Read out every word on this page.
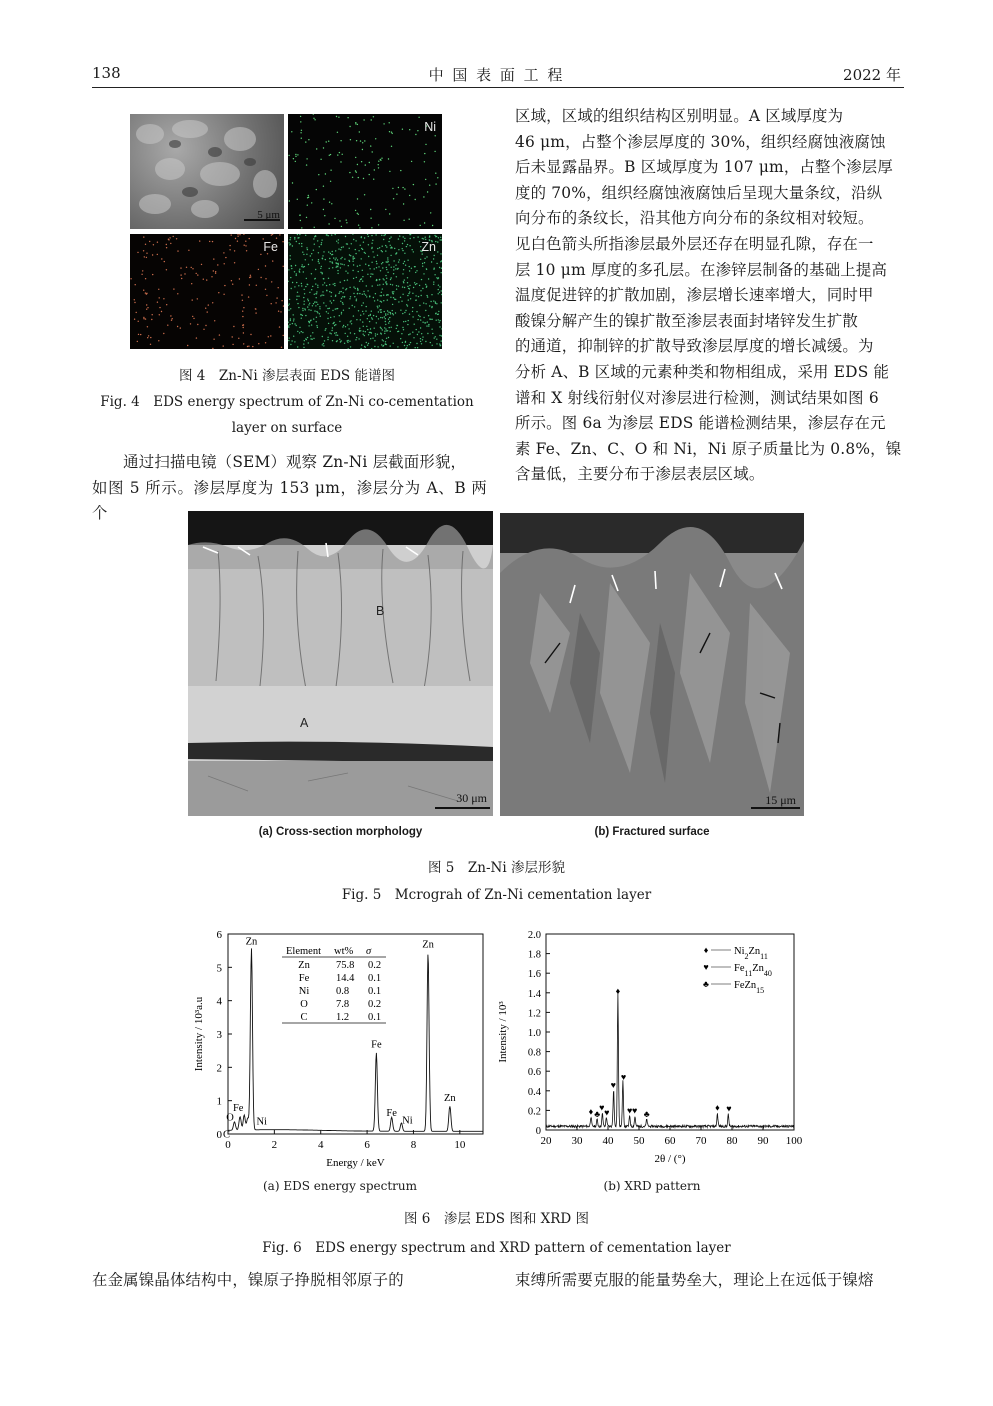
138	中 国 表 面 工 程	2022 年
5 μm
Ni
Fe	Zn
图 4　Zn-Ni 渗层表面 EDS 能谱图
Fig. 4　EDS energy spectrum of Zn-Ni co-cementation
layer on surface
　　通过扫描电镜（SEM）观察 Zn-Ni 层截面形貌，
如图 5 所示。渗层厚度为 153 μm，渗层分为 A、B 两个
区域，区域的组织结构区别明显。A 区域厚度为
46 μm，占整个渗层厚度的 30%，组织经腐蚀液腐蚀
后未显露晶界。B 区域厚度为 107 μm，占整个渗层厚
度的 70%，组织经腐蚀液腐蚀后呈现大量条纹，沿纵
向分布的条纹长，沿其他方向分布的条纹相对较短。
见白色箭头所指渗层最外层还存在明显孔隙，存在一
层 10 μm 厚度的多孔层。在渗锌层制备的基础上提高
温度促进锌的扩散加剧，渗层增长速率增大，同时甲
酸镍分解产生的镍扩散至渗层表面封堵锌发生扩散
的通道，抑制锌的扩散导致渗层厚度的增长减缓。为
分析 A、B 区域的元素种类和物相组成，采用 EDS 能
谱和 X 射线衍射仪对渗层进行检测，测试结果如图 6
所示。图 6a 为渗层 EDS 能谱检测结果，渗层存在元
素 Fe、Zn、C、O 和 Ni，Ni 原子质量比为 0.8%，镍
含量低，主要分布于渗层表层区域。
B
A
30 μm	15 μm
(a) Cross-section morphology	(b) Fractured surface
图 5　Zn-Ni 渗层形貌
Fig. 5　Mcrograh of Zn-Ni cementation layer
0	2	4	6	8	10
0
1
2
3
4
5
6
C
O
Fe
Ni
Zn
Fe
Fe
Ni
Zn
Zn
Energy / keV
Intensity / 10³a.u
Element wt% σ
Zn 75.8 0.2
Fe	14.4 0.1
Ni	0.8 0.1
O	7.8 0.2
C	1.2 0.1
20 30 40 50 60 70 80 90 100
0
0.2
0.4
0.6
0.8
1.0
1.2
1.4
1.6
1.8
2.0
♦ ♣
♥ ♥
♥
♦
♥
♥ ♥ ♣
♦ ♥
♦ $Ni_2Zn_{11}$
♥ $Fe_{11}Zn_{40}$
♣ FeZn$_{15}$
2θ / (°)
Intensity / 10³
(a) EDS energy spectrum	(b) XRD pattern
图 6　渗层 EDS 图和 XRD 图
Fig. 6　EDS energy spectrum and XRD pattern of cementation layer
在金属镍晶体结构中，镍原子挣脱相邻原子的	束缚所需要克服的能量势垒大，理论上在远低于镍熔
